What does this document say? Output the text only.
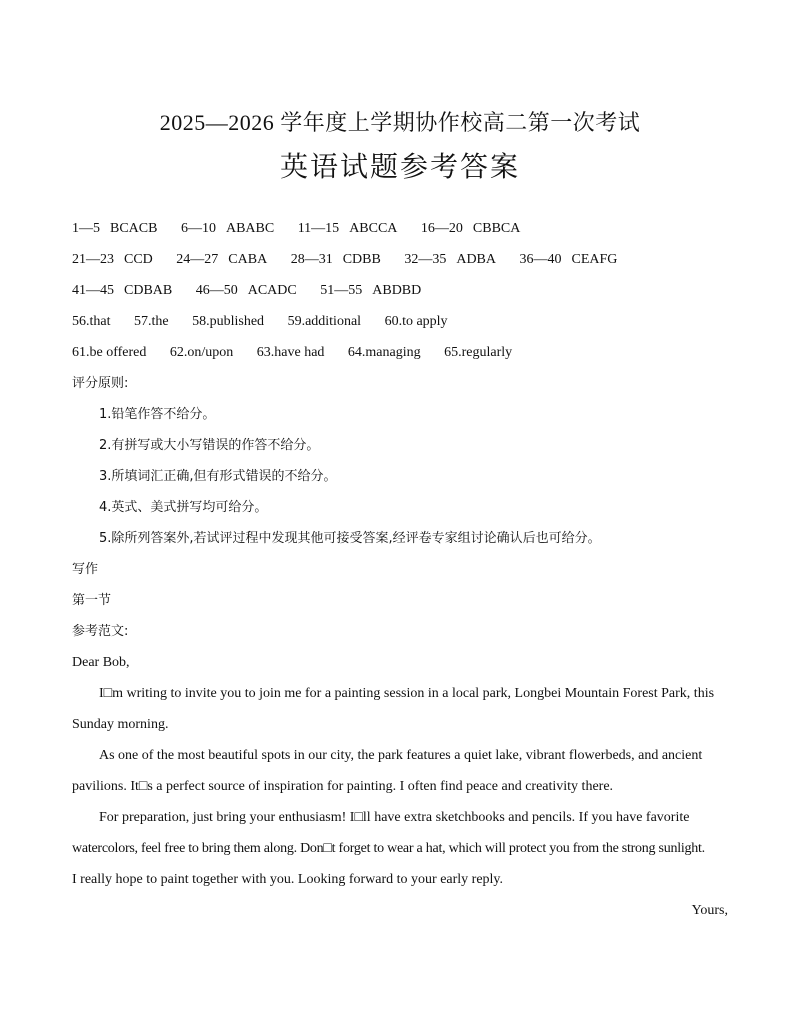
2025—2026 学年度上学期协作校高二第一次考试
英语试题参考答案
1—5 BCACB 6—10 ABABC 11—15 ABCCA 16—20 CBBCA
21—23 CCD 24—27 CABA 28—31 CDBB 32—35 ADBA 36—40 CEAFG
41—45 CDBAB 46—50 ACADC 51—55 ABDBD
56.that 57.the 58.published 59.additional 60.to apply
61.be offered 62.on/upon 63.have had 64.managing 65.regularly
评分原则:
1.铅笔作答不给分。
2.有拼写或大小写错误的作答不给分。
3.所填词汇正确,但有形式错误的不给分。
4.英式、美式拼写均可给分。
5.除所列答案外,若试评过程中发现其他可接受答案,经评卷专家组讨论确认后也可给分。
写作
第一节
参考范文:
Dear Bob,
I□m writing to invite you to join me for a painting session in a local park, Longbei Mountain Forest Park, this
Sunday morning.
As one of the most beautiful spots in our city, the park features a quiet lake, vibrant flowerbeds, and ancient
pavilions. It□s a perfect source of inspiration for painting. I often find peace and creativity there.
For preparation, just bring your enthusiasm! I□ll have extra sketchbooks and pencils. If you have favorite
watercolors, feel free to bring them along. Don□t forget to wear a hat, which will protect you from the strong sunlight.
I really hope to paint together with you. Looking forward to your early reply.
Yours,
